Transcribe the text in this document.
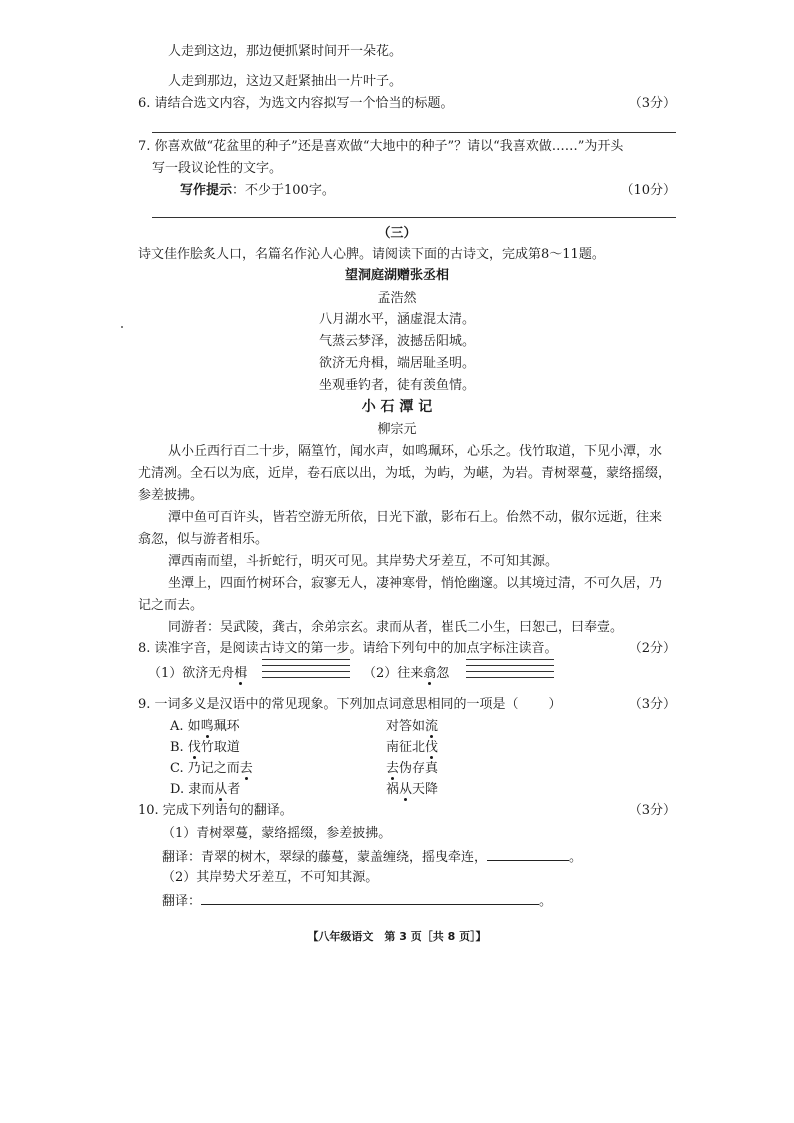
人走到这边，那边便抓紧时间开一朵花。
人走到那边，这边又赶紧抽出一片叶子。
6. 请结合选文内容，为选文内容拟写一个恰当的标题。	（3分）
7. 你喜欢做“花盆里的种子”还是喜欢做“大地中的种子”？请以“我喜欢做……”为开头
写一段议论性的文字。
写作提示：不少于100字。	（10分）
（三）
诗文佳作脍炙人口，名篇名作沁人心脾。请阅读下面的古诗文，完成第8～11题。
望洞庭湖赠张丞相
孟浩然
八月湖水平，涵虚混太清。
气蒸云梦泽，波撼岳阳城。
欲济无舟楫，端居耻圣明。
坐观垂钓者，徒有羡鱼情。
小 石 潭 记
柳宗元
从小丘西行百二十步，隔篁竹，闻水声，如鸣珮环，心乐之。伐竹取道，下见小潭，水
尤清冽。全石以为底，近岸，卷石底以出，为坻，为屿，为嵁，为岩。青树翠蔓，蒙络摇缀，
参差披拂。
潭中鱼可百许头，皆若空游无所依，日光下澈，影布石上。佁然不动，俶尔远逝，往来
翕忽，似与游者相乐。
潭西南而望，斗折蛇行，明灭可见。其岸势犬牙差互，不可知其源。
坐潭上，四面竹树环合，寂寥无人，凄神寒骨，悄怆幽邃。以其境过清，不可久居，乃
记之而去。
同游者：吴武陵，龚古，余弟宗玄。隶而从者，崔氏二小生，曰恕己，曰奉壹。
8. 读准字音，是阅读古诗文的第一步。请给下列句中的加点字标注读音。	（2分）
（1）欲济无舟楫	（2）往来翕忽
9. 一词多义是汉语中的常见现象。下列加点词意思相同的一项是（ ）	（3分）
A. 如鸣珮环	对答如流
B. 伐竹取道	南征北伐
C. 乃记之而去	去伪存真
D. 隶而从者	祸从天降
10. 完成下列语句的翻译。	（3分）
（1）青树翠蔓，蒙络摇缀，参差披拂。
翻译：青翠的树木，翠绿的藤蔓，蒙盖缠绕，摇曳牵连，	。
（2）其岸势犬牙差互，不可知其源。
翻译：	。
【八年级语文　第 3 页［共 8 页］】
